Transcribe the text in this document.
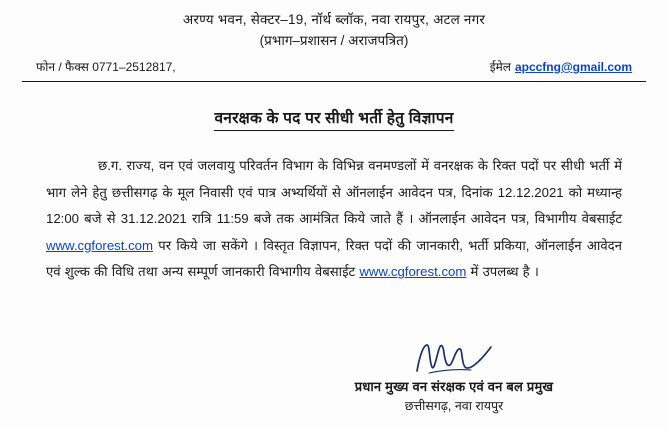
अरण्य भवन, सेक्टर–19, नॉर्थ ब्लॉक, नवा रायपुर, अटल नगर
(प्रभाग–प्रशासन / अराजपत्रित)
फोन / फैक्स 0771–2512817,	ईमेल apccfng@gmail.com
वनरक्षक के पद पर सीधी भर्ती हेतु विज्ञापन

छ.ग. राज्य, वन एवं जलवायु परिवर्तन विभाग के विभिन्न वनमण्डलों में वनरक्षक के रिक्त पदों पर सीधी भर्ती में भाग लेने हेतु छत्तीसगढ़ के मूल निवासी एवं पात्र अभ्यर्थियों से ऑनलाईन आवेदन पत्र, दिनांक 12.12.2021 को मध्यान्ह 12:00 बजे से 31.12.2021 रात्रि 11:59 बजे तक आमंत्रित किये जाते हैं । ऑनलाईन आवेदन पत्र, विभागीय वेबसाईट www.cgforest.com पर किये जा सकेंगे । विस्तृत विज्ञापन, रिक्त पदों की जानकारी, भर्ती प्रकिया, ऑनलाईन आवेदन एवं शुल्क की विधि तथा अन्य सम्पूर्ण जानकारी विभागीय वेबसाईट www.cgforest.com में उपलब्ध है ।

प्रधान मुख्य वन संरक्षक एवं वन बल प्रमुख
छत्तीसगढ़, नवा रायपुर
